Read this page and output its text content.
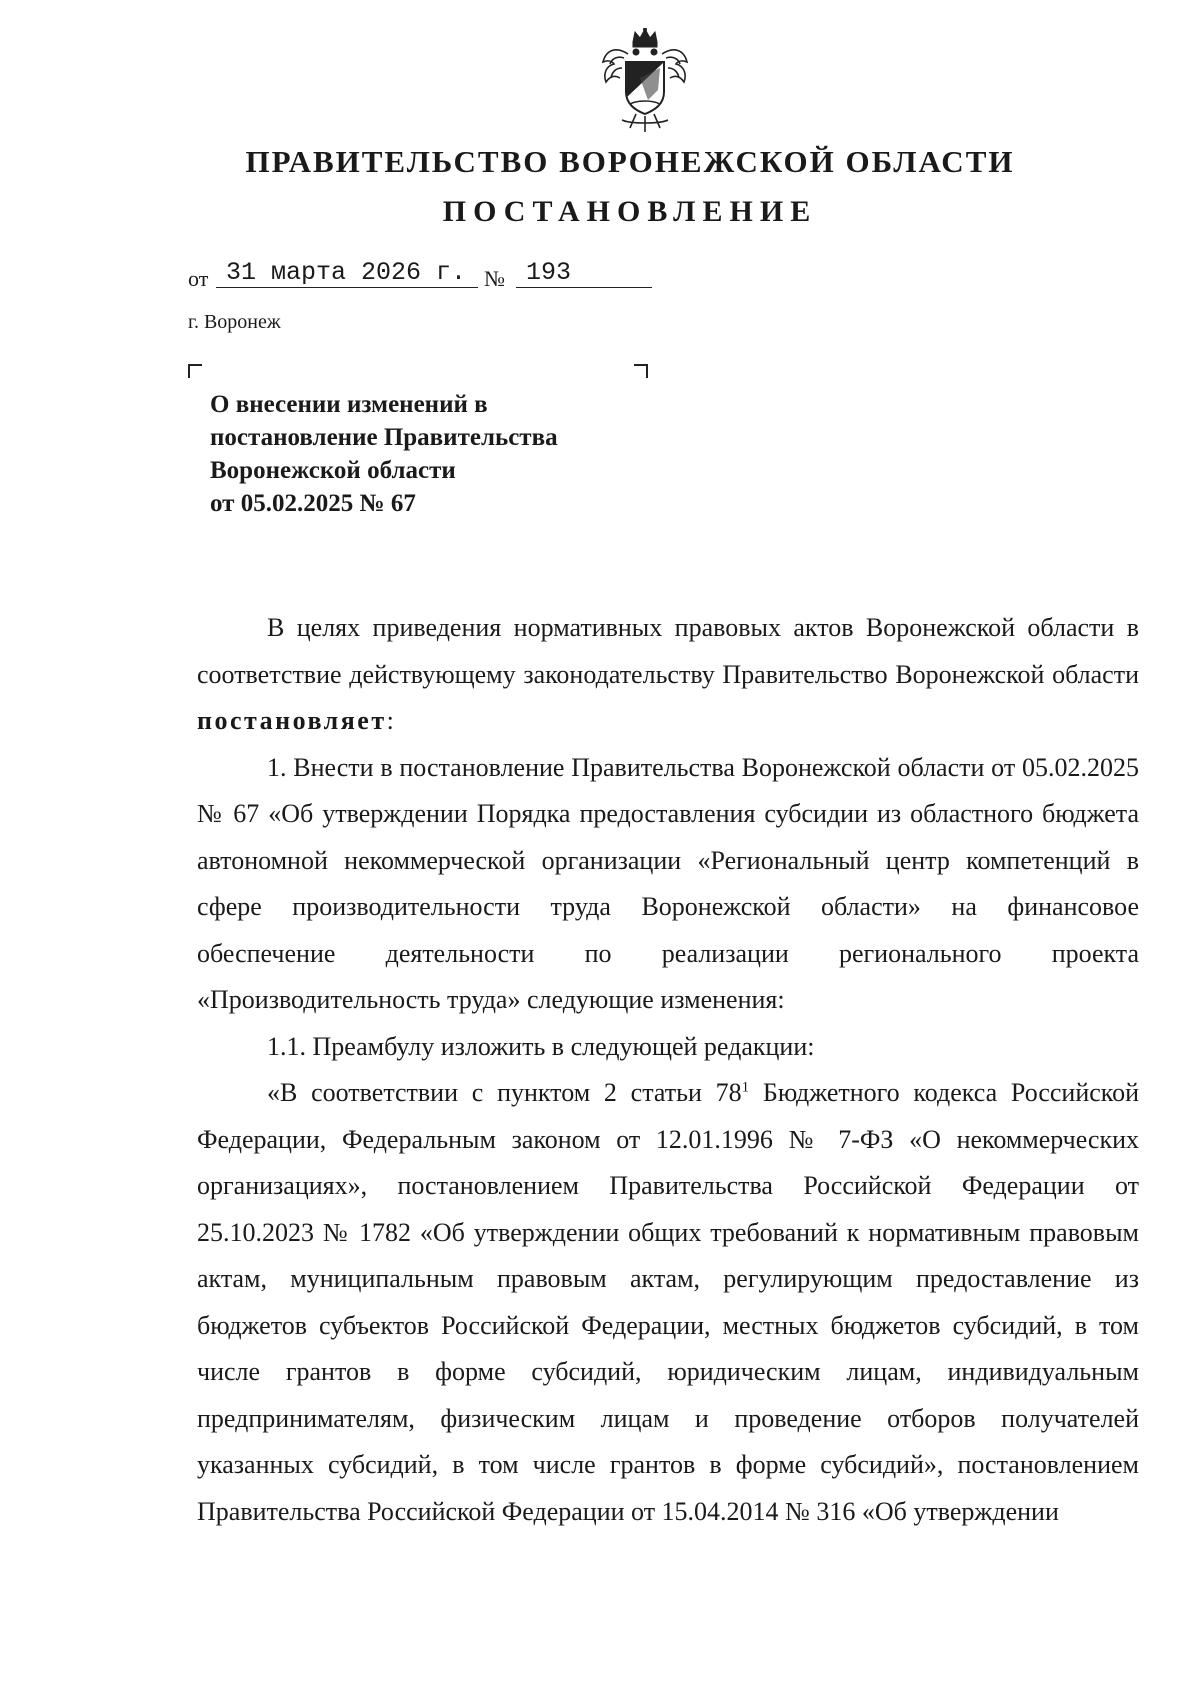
ПРАВИТЕЛЬСТВО ВОРОНЕЖСКОЙ ОБЛАСТИ
ПОСТАНОВЛЕНИЕ
от 31 марта 2026 г. № 193
г. Воронеж
О внесении изменений в
постановление Правительства
Воронежской области
от 05.02.2025 № 67

В целях приведения нормативных правовых актов Воронежской области в соответствие действующему законодательству Правительство Воронежской области постановляет:

1. Внести в постановление Правительства Воронежской области от 05.02.2025 № 67 «Об утверждении Порядка предоставления субсидии из областного бюджета автономной некоммерческой организации «Региональный центр компетенций в сфере производительности труда Воронежской области» на финансовое обеспечение деятельности по реализации регионального проекта «Производительность труда» следующие изменения:

1.1. Преамбулу изложить в следующей редакции:

«В соответствии с пунктом 2 статьи $78^1$ Бюджетного кодекса Российской Федерации, Федеральным законом от 12.01.1996 № 7-ФЗ «О некоммерческих организациях», постановлением Правительства Российской Федерации от 25.10.2023 № 1782 «Об утверждении общих требований к нормативным правовым актам, муниципальным правовым актам, регулирующим предоставление из бюджетов субъектов Российской Федерации, местных бюджетов субсидий, в том числе грантов в форме субсидий, юридическим лицам, индивидуальным предпринимателям, физическим лицам и проведение отборов получателей указанных субсидий, в том числе грантов в форме субсидий», постановлением Правительства Российской Федерации от 15.04.2014 № 316 «Об утверждении
